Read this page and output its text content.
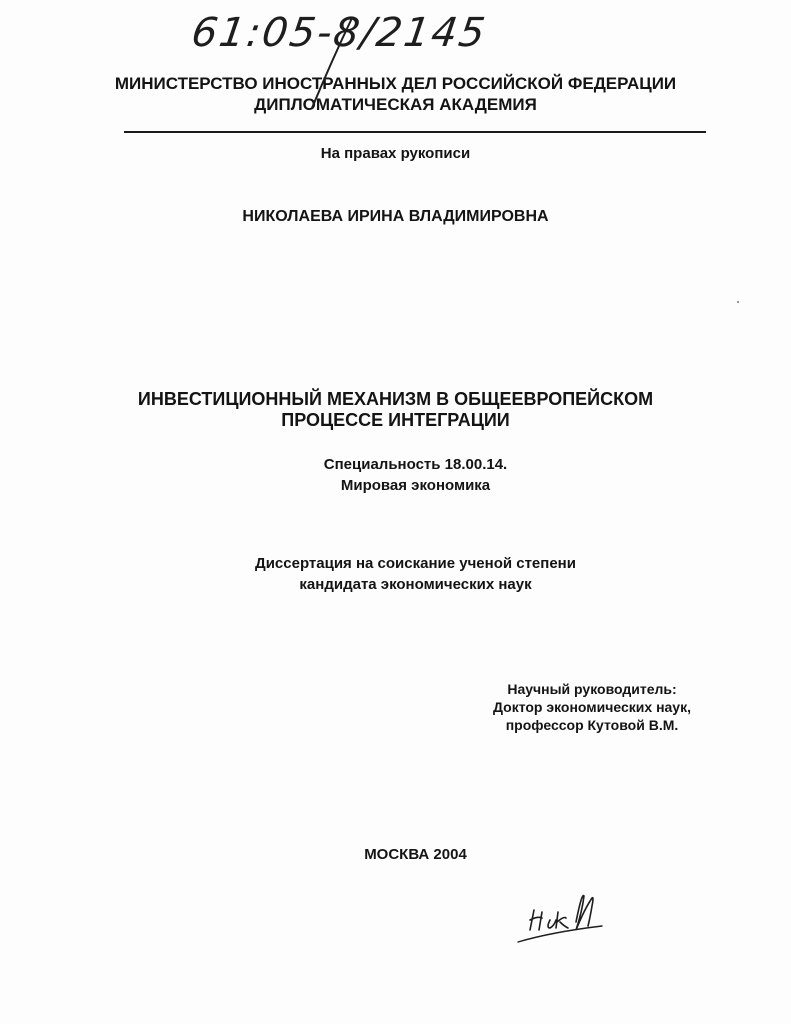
61:05-8/2145
МИНИСТЕРСТВО ИНОСТРАННЫХ ДЕЛ РОССИЙСКОЙ ФЕДЕРАЦИИ
ДИПЛОМАТИЧЕСКАЯ АКАДЕМИЯ
На правах рукописи
НИКОЛАЕВА ИРИНА ВЛАДИМИРОВНА
ИНВЕСТИЦИОННЫЙ МЕХАНИЗМ В ОБЩЕЕВРОПЕЙСКОМ
ПРОЦЕССЕ ИНТЕГРАЦИИ
Специальность 18.00.14.
Мировая экономика
Диссертация на соискание ученой степени
кандидата экономических наук
Научный руководитель:
Доктор экономических наук,
профессор Кутовой В.М.
МОСКВА 2004
